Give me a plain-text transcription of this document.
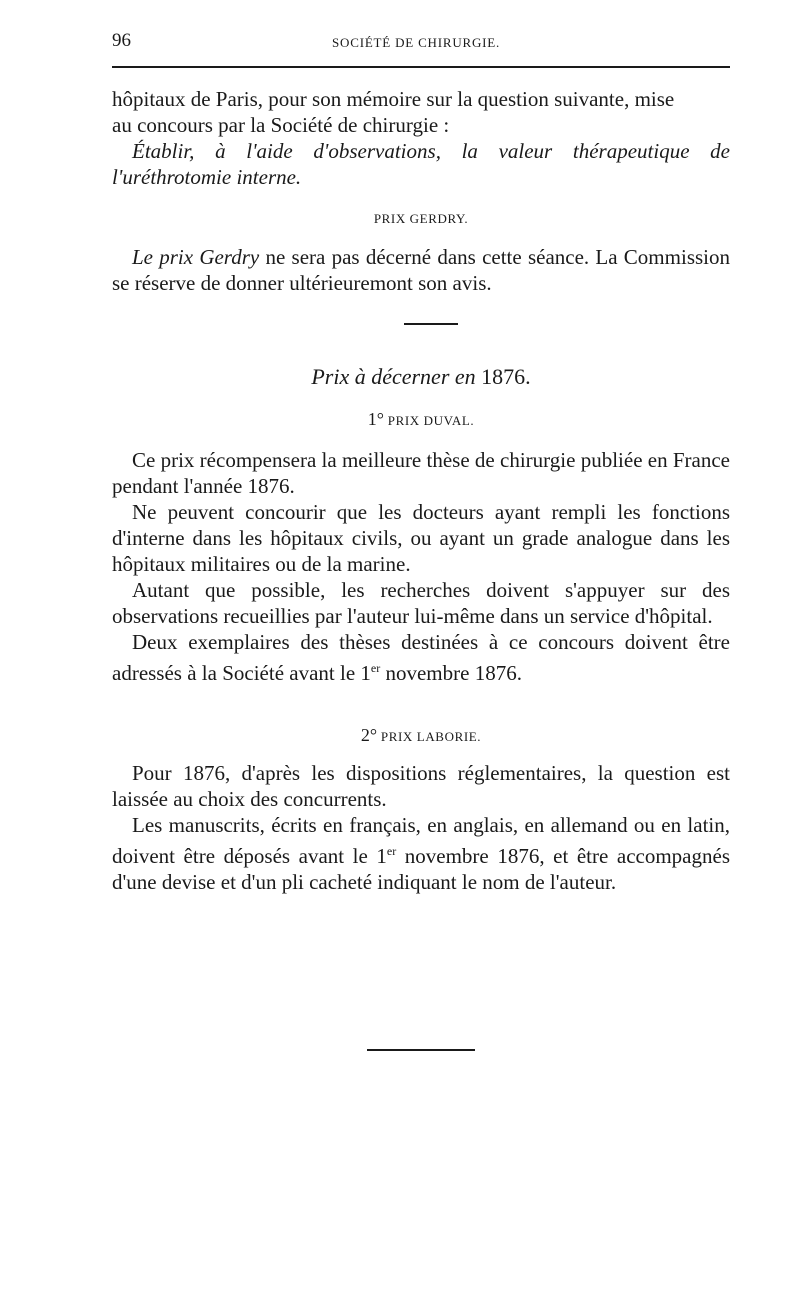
96	SOCIÉTÉ DE CHIRURGIE.

hôpitaux de Paris, pour son mémoire sur la question suivante, mise

au concours par la Société de chirurgie :

Établir, à l'aide d'observations, la valeur thérapeutique de l'uréthrotomie interne.

PRIX GERDRY.

Le prix Gerdry ne sera pas décerné dans cette séance. La Commission se réserve de donner ultérieuremont son avis.

Prix à décerner en 1876.
1° PRIX DUVAL.

Ce prix récompensera la meilleure thèse de chirurgie publiée en France pendant l'année 1876.

Ne peuvent concourir que les docteurs ayant rempli les fonctions d'interne dans les hôpitaux civils, ou ayant un grade analogue dans les hôpitaux militaires ou de la marine.

Autant que possible, les recherches doivent s'appuyer sur des observations recueillies par l'auteur lui-même dans un service d'hôpital.

Deux exemplaires des thèses destinées à ce concours doivent être adressés à la Société avant le 1er novembre 1876.

2° PRIX LABORIE.

Pour 1876, d'après les dispositions réglementaires, la question est laissée au choix des concurrents.

Les manuscrits, écrits en français, en anglais, en allemand ou en latin, doivent être déposés avant le 1er novembre 1876, et être accompagnés d'une devise et d'un pli cacheté indiquant le nom de l'auteur.
